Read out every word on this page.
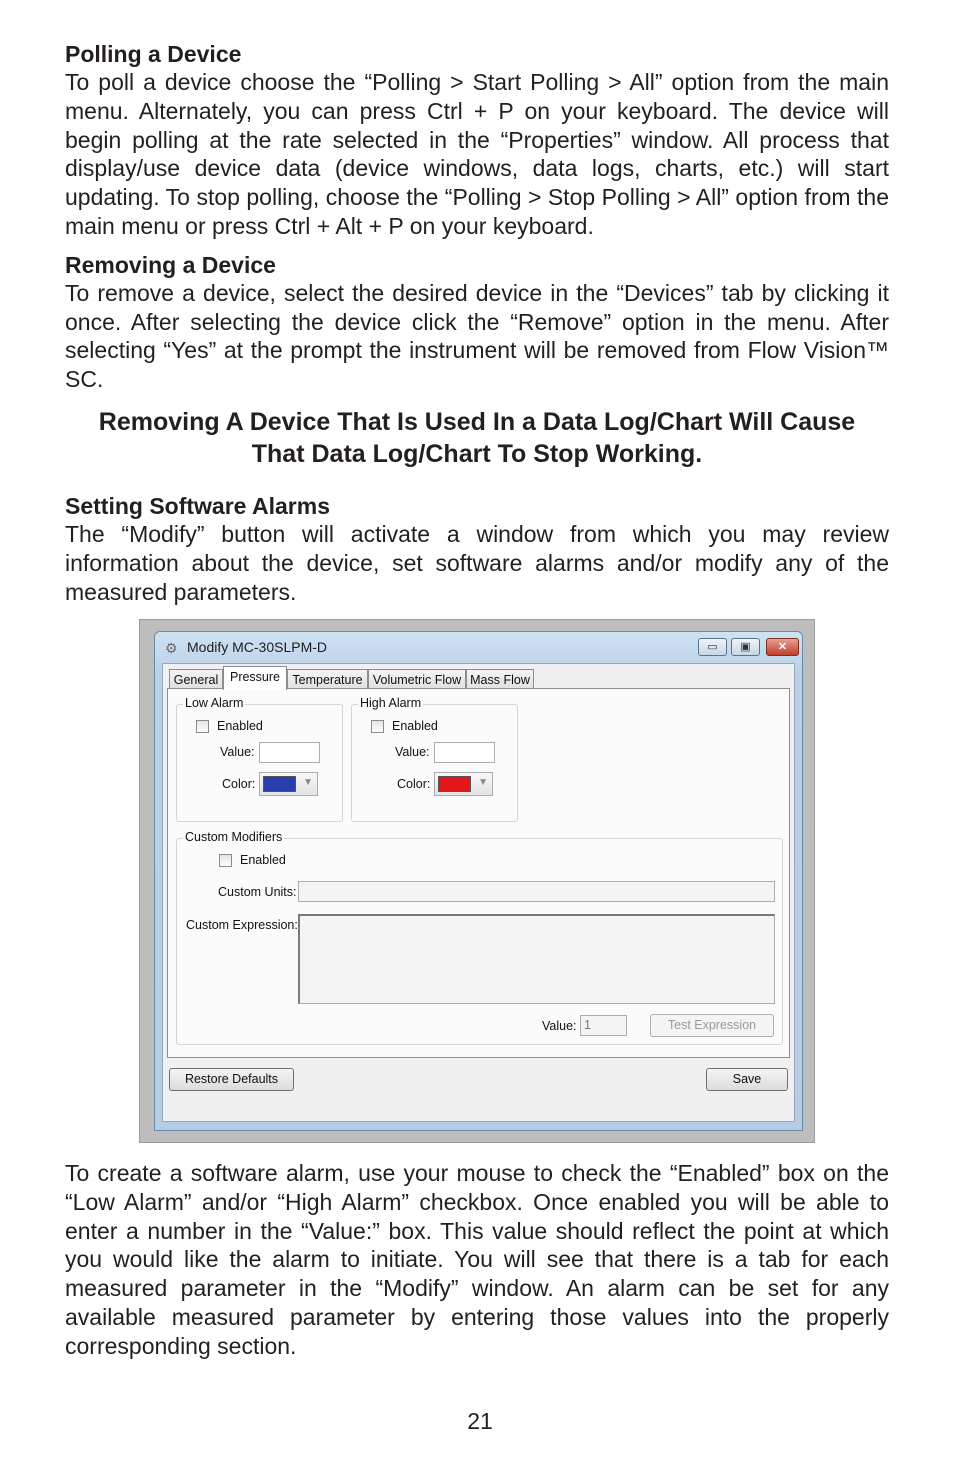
Polling a Device
To poll a device choose the “Polling > Start Polling > All” option from the main menu. Alternately, you can press Ctrl + P on your keyboard. The device will begin polling at the rate selected in the “Properties” window. All process that display/use device data (device windows, data logs, charts, etc.) will start updating. To stop polling, choose the “Polling > Stop Polling > All” option from the main menu or press Ctrl + Alt + P on your keyboard.
Removing a Device
To remove a device, select the desired device in the “Devices” tab by clicking it once. After selecting the device click the “Remove” option in the menu. After selecting “Yes” at the prompt the instrument will be removed from Flow Vision™ SC.
Removing A Device That Is Used In a Data Log/Chart Will Cause That Data Log/Chart To Stop Working.
Setting Software Alarms
The “Modify” button will activate a window from which you may review information about the device, set software alarms and/or modify any of the measured parameters.
⚙ Modify MC-30SLPM-D	▭	▣	✕
General Pressure Temperature Volumetric Flow Mass Flow
Low Alarm
Enabled
Value:
Color:	▼
High Alarm
Enabled
Value:
Color:	▼
Custom Modifiers
Enabled
Custom Units:
Custom Expression:
Value: 1	Test Expression
Restore Defaults	Save
To create a software alarm, use your mouse to check the “Enabled” box on the “Low Alarm” and/or “High Alarm” checkbox. Once enabled you will be able to enter a number in the “Value:” box. This value should reflect the point at which you would like the alarm to initiate. You will see that there is a tab for each measured parameter in the “Modify” window. An alarm can be set for any available measured parameter by entering those values into the properly corresponding section.
21
